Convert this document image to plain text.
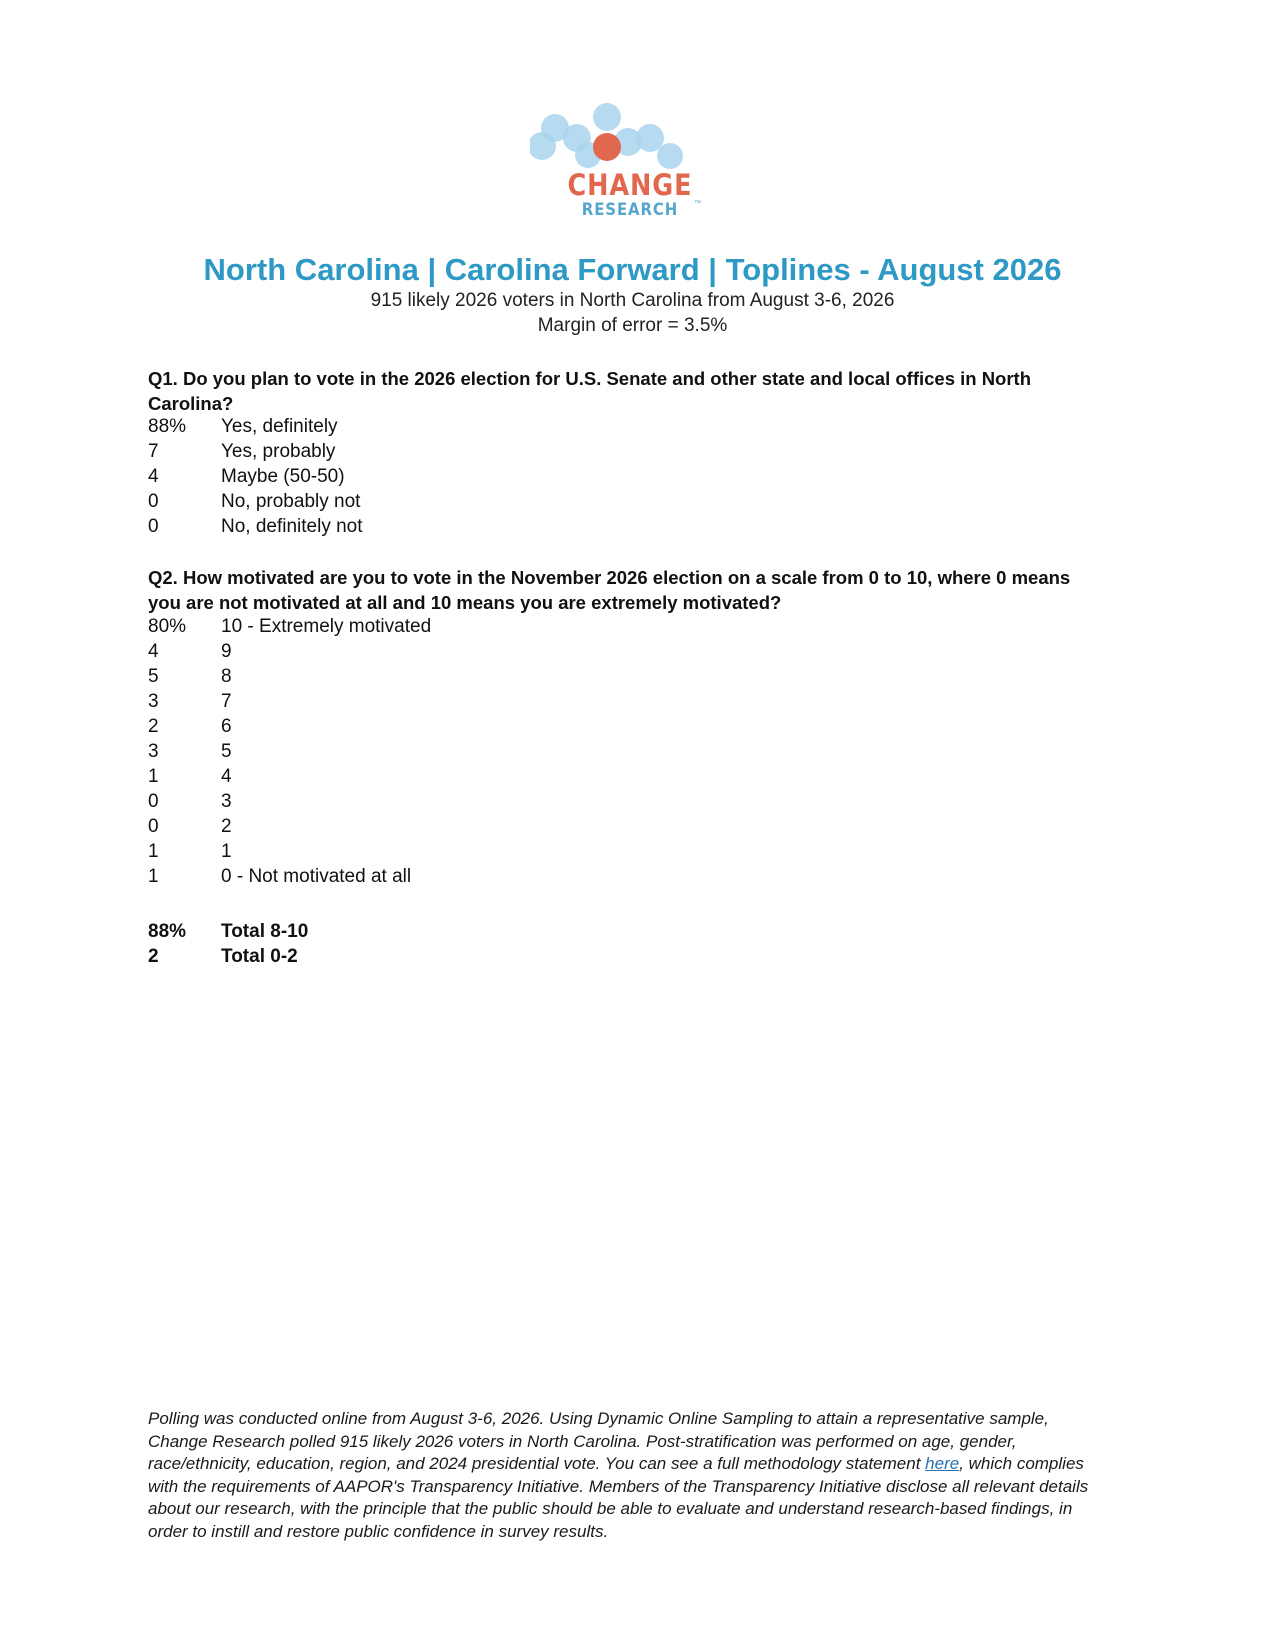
CHANGE
RESEARCH	™
North Carolina | Carolina Forward | Toplines - August 2026
915 likely 2026 voters in North Carolina from August 3-6, 2026
Margin of error = 3.5%
Q1. Do you plan to vote in the 2026 election for U.S. Senate and other state and local offices in North Carolina?
88%	Yes, definitely
7	Yes, probably
4	Maybe (50-50)
0	No, probably not
0	No, definitely not
Q2. How motivated are you to vote in the November 2026 election on a scale from 0 to 10, where 0 means you are not motivated at all and 10 means you are extremely motivated?
80%	10 - Extremely motivated
4	9
5	8
3	7
2	6
3	5
1	4
0	3
0	2
1	1
1	0 - Not motivated at all
88%	Total 8-10
2	Total 0-2
Polling was conducted online from August 3-6, 2026. Using Dynamic Online Sampling to attain a representative sample, Change Research polled 915 likely 2026 voters in North Carolina. Post-stratification was performed on age, gender, race/ethnicity, education, region, and 2024 presidential vote. You can see a full methodology statement here, which complies with the requirements of AAPOR's Transparency Initiative. Members of the Transparency Initiative disclose all relevant details about our research, with the principle that the public should be able to evaluate and understand research-based findings, in order to instill and restore public confidence in survey results.
